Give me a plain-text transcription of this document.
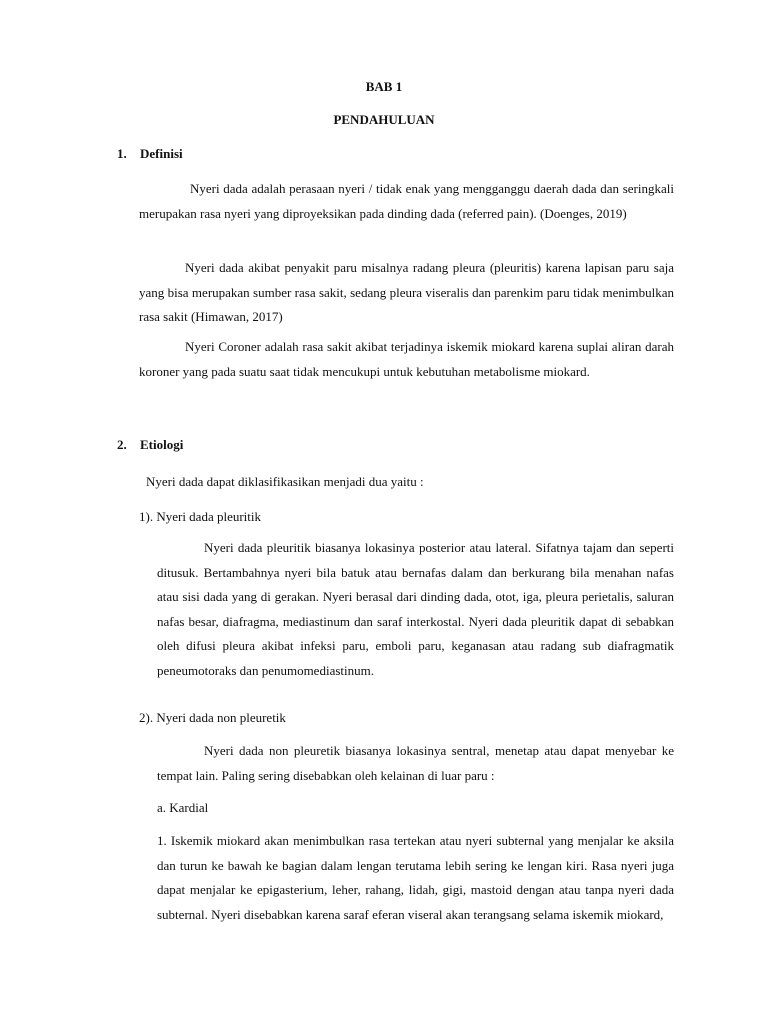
BAB 1

PENDAHULUAN

1. Definisi

Nyeri dada adalah perasaan nyeri / tidak enak yang mengganggu daerah dada dan seringkali merupakan rasa nyeri yang diproyeksikan pada dinding dada (referred pain). (Doenges, 2019)

Nyeri dada akibat penyakit paru misalnya radang pleura (pleuritis) karena lapisan paru saja yang bisa merupakan sumber rasa sakit, sedang pleura viseralis dan parenkim paru tidak menimbulkan rasa sakit (Himawan, 2017)

Nyeri Coroner adalah rasa sakit akibat terjadinya iskemik miokard karena suplai aliran darah koroner yang pada suatu saat tidak mencukupi untuk kebutuhan metabolisme miokard.

2. Etiologi

Nyeri dada dapat diklasifikasikan menjadi dua yaitu :

1). Nyeri dada pleuritik

Nyeri dada pleuritik biasanya lokasinya posterior atau lateral. Sifatnya tajam dan seperti ditusuk. Bertambahnya nyeri bila batuk atau bernafas dalam dan berkurang bila menahan nafas atau sisi dada yang di gerakan. Nyeri berasal dari dinding dada, otot, iga, pleura perietalis, saluran nafas besar, diafragma, mediastinum dan saraf interkostal. Nyeri dada pleuritik dapat di sebabkan oleh difusi pleura akibat infeksi paru, emboli paru, keganasan atau radang sub diafragmatik peneumotoraks dan penumomediastinum.

2). Nyeri dada non pleuretik

Nyeri dada non pleuretik biasanya lokasinya sentral, menetap atau dapat menyebar ke tempat lain. Paling sering disebabkan oleh kelainan di luar paru :

a. Kardial

1. Iskemik miokard akan menimbulkan rasa tertekan atau nyeri subternal yang menjalar ke aksila dan turun ke bawah ke bagian dalam lengan terutama lebih sering ke lengan kiri. Rasa nyeri juga dapat menjalar ke epigasterium, leher, rahang, lidah, gigi, mastoid dengan atau tanpa nyeri dada subternal. Nyeri disebabkan karena saraf eferan viseral akan terangsang selama iskemik miokard,
